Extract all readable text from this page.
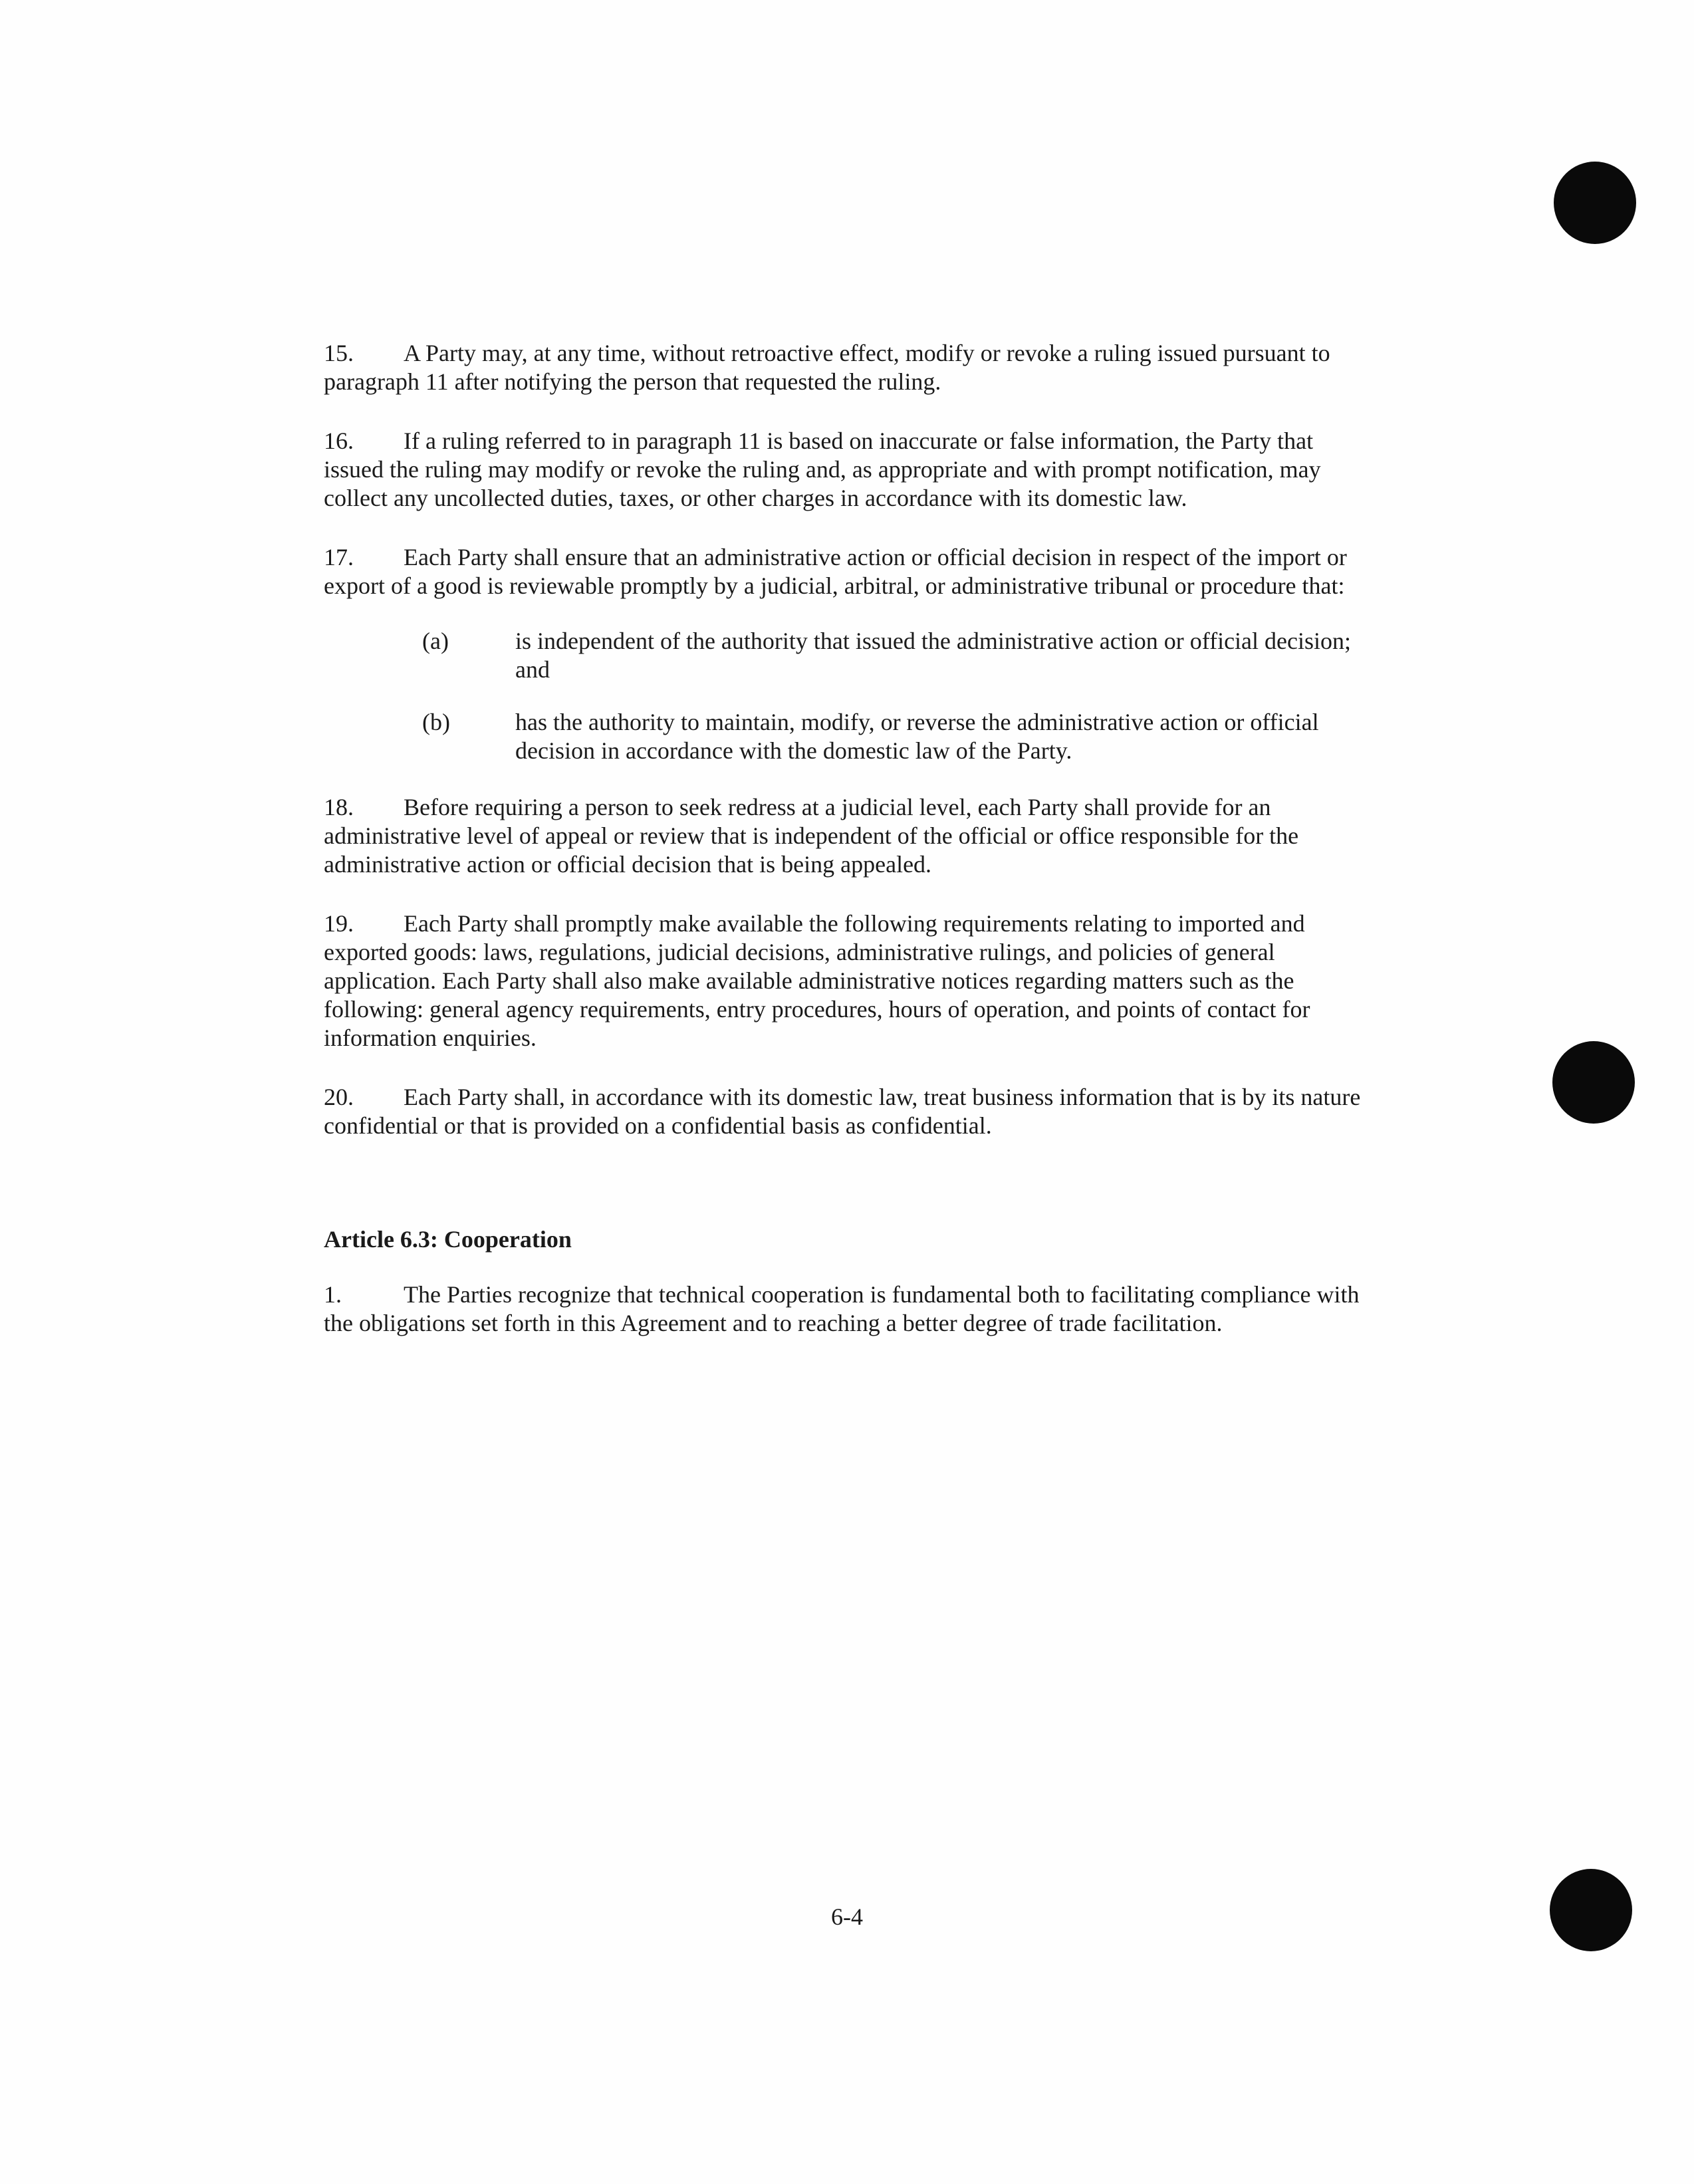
15. A Party may, at any time, without retroactive effect, modify or revoke a ruling issued pursuant to paragraph 11 after notifying the person that requested the ruling.

16. If a ruling referred to in paragraph 11 is based on inaccurate or false information, the Party that issued the ruling may modify or revoke the ruling and, as appropriate and with prompt notification, may collect any uncollected duties, taxes, or other charges in accordance with its domestic law.

17. Each Party shall ensure that an administrative action or official decision in respect of the import or export of a good is reviewable promptly by a judicial, arbitral, or administrative tribunal or procedure that:

(a)	is independent of the authority that issued the administrative action or official decision; and
(b)	has the authority to maintain, modify, or reverse the administrative action or official decision in accordance with the domestic law of the Party.

18. Before requiring a person to seek redress at a judicial level, each Party shall provide for an administrative level of appeal or review that is independent of the official or office responsible for the administrative action or official decision that is being appealed.

19. Each Party shall promptly make available the following requirements relating to imported and exported goods: laws, regulations, judicial decisions, administrative rulings, and policies of general application. Each Party shall also make available administrative notices regarding matters such as the following: general agency requirements, entry procedures, hours of operation, and points of contact for information enquiries.

20. Each Party shall, in accordance with its domestic law, treat business information that is by its nature confidential or that is provided on a confidential basis as confidential.

Article 6.3: Cooperation

1.	The Parties recognize that technical cooperation is fundamental both to facilitating compliance with the obligations set forth in this Agreement and to reaching a better degree of trade facilitation.

6-4
